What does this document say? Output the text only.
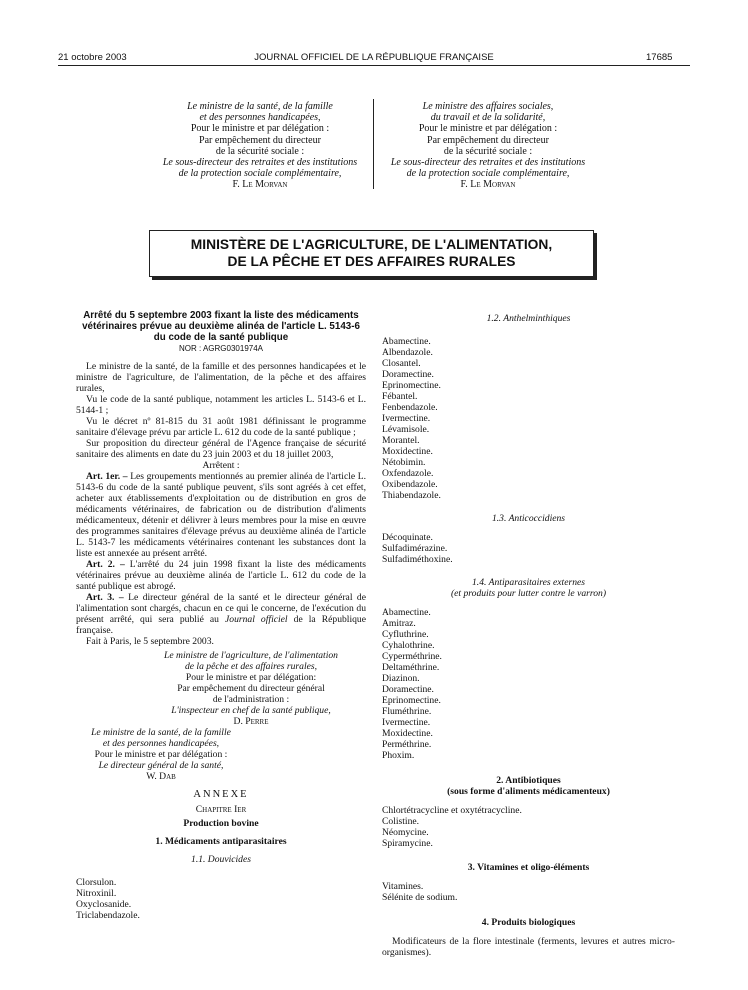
21 octobre 2003	JOURNAL OFFICIEL DE LA RÉPUBLIQUE FRANÇAISE	17685
Le ministre de la santé, de la famille
et des personnes handicapées,
Pour le ministre et par délégation :
Par empêchement du directeur
de la sécurité sociale :
Le sous-directeur des retraites et des institutions
de la protection sociale complémentaire,
F. Le Morvan
Le ministre des affaires sociales,
du travail et de la solidarité,
Pour le ministre et par délégation :
Par empêchement du directeur
de la sécurité sociale :
Le sous-directeur des retraites et des institutions
de la protection sociale complémentaire,
F. Le Morvan
MINISTÈRE DE L'AGRICULTURE, DE L'ALIMENTATION,
DE LA PÊCHE ET DES AFFAIRES RURALES
Arrêté du 5 septembre 2003 fixant la liste des médicaments vétérinaires prévue au deuxième alinéa de l'article L. 5143-6 du code de la santé publique
NOR : AGRG0301974A

Le ministre de la santé, de la famille et des personnes handicapées et le ministre de l'agriculture, de l'alimentation, de la pêche et des affaires rurales,

Vu le code de la santé publique, notamment les articles L. 5143-6 et L. 5144-1 ;

Vu le décret nº 81-815 du 31 août 1981 définissant le programme sanitaire d'élevage prévu par article L. 612 du code de la santé publique ;

Sur proposition du directeur général de l'Agence française de sécurité sanitaire des aliments en date du 23 juin 2003 et du 18 juillet 2003,

Arrêtent :

Art. 1er. – Les groupements mentionnés au premier alinéa de l'article L. 5143-6 du code de la santé publique peuvent, s'ils sont agréés à cet effet, acheter aux établissements d'exploitation ou de distribution en gros de médicaments vétérinaires, de fabrication ou de distribution d'aliments médicamenteux, détenir et délivrer à leurs membres pour la mise en œuvre des programmes sanitaires d'élevage prévus au deuxième alinéa de l'article L. 5143-7 les médicaments vétérinaires contenant les substances dont la liste est annexée au présent arrêté.

Art. 2. – L'arrêté du 24 juin 1998 fixant la liste des médicaments vétérinaires prévue au deuxième alinéa de l'article L. 612 du code de la santé publique est abrogé.

Art. 3. – Le directeur général de la santé et le directeur général de l'alimentation sont chargés, chacun en ce qui le concerne, de l'exécution du présent arrêté, qui sera publié au Journal officiel de la République française.

Fait à Paris, le 5 septembre 2003.

Le ministre de l'agriculture, de l'alimentation
de la pêche et des affaires rurales,
Pour le ministre et par délégation:
Par empêchement du directeur général
de l'administration :
L'inspecteur en chef de la santé publique,
D. Perre
Le ministre de la santé, de la famille
et des personnes handicapées,
Pour le ministre et par délégation :
Le directeur général de la santé,
W. Dab
ANNEXE
Chapitre Ier
Production bovine
1. Médicaments antiparasitaires
1.1. Douvicides
Clorsulon.
Nitroxinil.
Oxyclosanide.
Triclabendazole.
1.2. Anthelminthiques
Abamectine.
Albendazole.
Closantel.
Doramectine.
Eprinomectine.
Fébantel.
Fenbendazole.
Ivermectine.
Lévamisole.
Morantel.
Moxidectine.
Nétobimin.
Oxfendazole.
Oxibendazole.
Thiabendazole.
1.3. Anticoccidiens
Décoquinate.
Sulfadimérazine.
Sulfadiméthoxine.
1.4. Antiparasitaires externes
(et produits pour lutter contre le varron)
Abamectine.
Amitraz.
Cyfluthrine.
Cyhalothrine.
Cyperméthrine.
Deltaméthrine.
Diazinon.
Doramectine.
Eprinomectine.
Fluméthrine.
Ivermectine.
Moxidectine.
Perméthrine.
Phoxim.
2. Antibiotiques
(sous forme d'aliments médicamenteux)
Chlortétracycline et oxytétracycline.
Colistine.
Néomycine.
Spiramycine.
3. Vitamines et oligo-éléments
Vitamines.
Sélénite de sodium.
4. Produits biologiques

Modificateurs de la flore intestinale (ferments, levures et autres micro-organismes).
